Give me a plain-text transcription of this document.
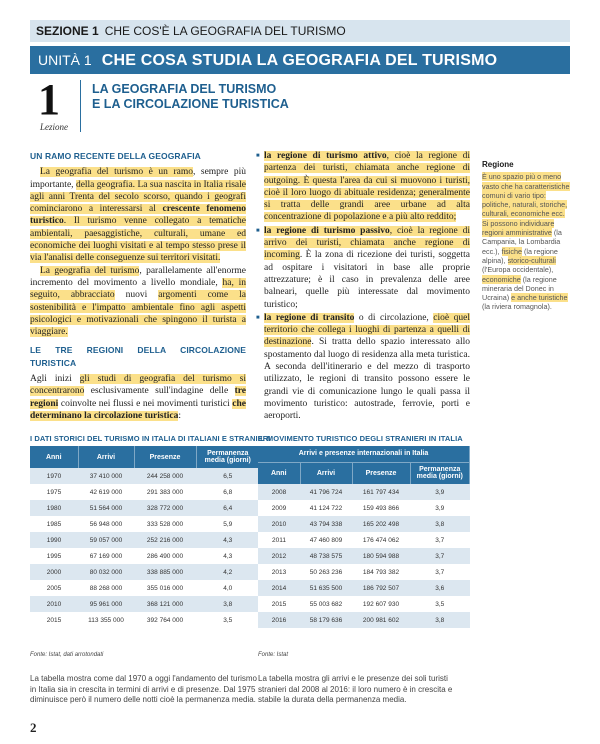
SEZIONE 1 CHE COS'È LA GEOGRAFIA DEL TURISMO
UNITÀ 1 CHE COSA STUDIA LA GEOGRAFIA DEL TURISMO
1
Lezione
LA GEOGRAFIA DEL TURISMO
E LA CIRCOLAZIONE TURISTICA
UN RAMO RECENTE DELLA GEOGRAFIA

La geografia del turismo è un ramo, sempre più importante, della geografia. La sua nascita in Italia risale agli anni Trenta del secolo scorso, quando i geografi cominciarono a interessarsi al crescente fenomeno turistico. Il turismo venne collegato a tematiche ambientali, paesaggistiche, culturali, umane ed economiche dei luoghi visitati e al tempo stesso prese il via l'analisi delle conseguenze sui territori visitati.

La geografia del turismo, parallelamente all'enorme incremento del movimento a livello mondiale, ha, in seguito, abbracciato nuovi argomenti come la sostenibilità e l'impatto ambientale fino agli aspetti psicologici e motivazionali che spingono il turista a viaggiare.

LE TRE REGIONI DELLA CIRCOLAZIONE TURISTICA

Agli inizi gli studi di geografia del turismo si concentrarono esclusivamente sull'indagine delle tre regioni coinvolte nei flussi e nei movimenti turistici che determinano la circolazione turistica:

■ la regione di turismo attivo, cioè la regione di partenza dei turisti, chiamata anche regione di outgoing. È questa l'area da cui si muovono i turisti, cioè il loro luogo di abituale residenza; generalmente si tratta delle grandi aree urbane ad alta concentrazione di popolazione e a più alto reddito;
■ la regione di turismo passivo, cioè la regione di arrivo dei turisti, chiamata anche regione di incoming. È la zona di ricezione dei turisti, soggetta ad ospitare i visitatori in base alle proprie attrezzature; è il caso in prevalenza delle aree balneari, quelle più interessate dal movimento turistico;
■ la regione di transito o di circolazione, cioè quel territorio che collega i luoghi di partenza a quelli di destinazione. Si tratta dello spazio interessato allo spostamento dal luogo di residenza alla meta turistica. A seconda dell'itinerario e del mezzo di trasporto utilizzato, le regioni di transito possono essere le grandi vie di comunicazione lungo le quali passa il movimento turistico: autostrade, ferrovie, porti e aeroporti.
Regione
È uno spazio più o meno vasto che ha caratteristiche comuni di vario tipo: politiche, naturali, storiche, culturali, economiche ecc. Si possono individuare regioni amministrative (la Campania, la Lombardia ecc.), fisiche (la regione alpina), storico-culturali (l'Europa occidentale), economiche (la regione mineraria del Donec in Ucraina) e anche turistiche (la riviera romagnola).
I DATI STORICI DEL TURISMO IN ITALIA DI ITALIANI E STRANIERI
Anni	Arrivi	Presenze	Permanenza media (giorni)
1970	37 410 000	244 258 000	6,5
1975	42 619 000	291 383 000	6,8
1980	51 564 000	328 772 000	6,4
1985	56 948 000	333 528 000	5,9
1990	59 057 000	252 216 000	4,3
1995	67 169 000	286 490 000	4,3
2000	80 032 000	338 885 000	4,2
2005	88 268 000	355 016 000	4,0
2010	95 961 000	368 121 000	3,8
2015	113 355 000	392 764 000	3,5
Fonte: Istat, dati arrotondati
La tabella mostra come dal 1970 a oggi l'andamento del turismo in Italia sia in crescita in termini di arrivi e di presenze. Dal 1975 diminuisce però il numero delle notti cioè la permanenza media.
IL MOVIMENTO TURISTICO DEGLI STRANIERI IN ITALIA
Arrivi e presenze internazionali in Italia			
Anni	Arrivi	Presenze	Permanenza media (giorni)
2008	41 796 724	161 797 434	3,9
2009	41 124 722	159 493 866	3,9
2010	43 794 338	165 202 498	3,8
2011	47 460 809	176 474 062	3,7
2012	48 738 575	180 594 988	3,7
2013	50 263 236	184 793 382	3,7
2014	51 635 500	186 792 507	3,6
2015	55 003 682	192 607 930	3,5
2016	58 179 636	200 981 602	3,8
Fonte: Istat
La tabella mostra gli arrivi e le presenze dei soli turisti stranieri dal 2008 al 2016: il loro numero è in crescita e stabile la durata della permanenza media.
2
